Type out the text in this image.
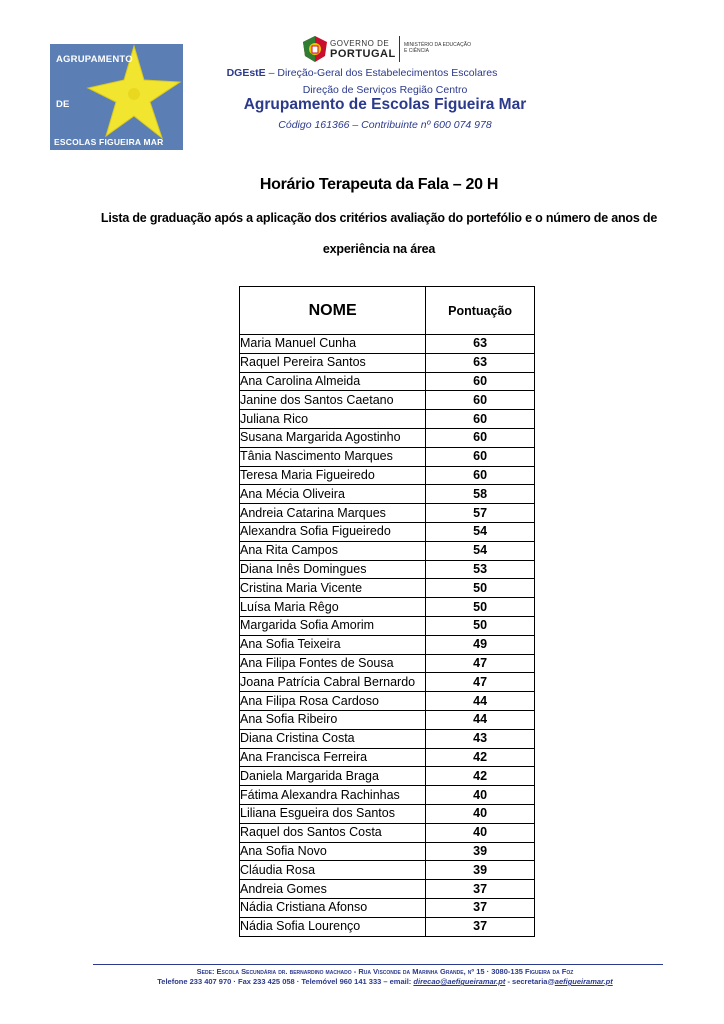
AGRUPAMENTO
DE
ESCOLAS FIGUEIRA MAR
GOVERNO DE
PORTUGAL
MINISTÉRIO DA EDUCAÇÃO E CIÊNCIA
DGEstE – Direção-Geral dos Estabelecimentos Escolares
Direção de Serviços Região Centro
Agrupamento de Escolas Figueira Mar
Código 161366 – Contribuinte nº 600 074 978
Horário Terapeuta da Fala – 20 H
Lista de graduação após a aplicação dos critérios avaliação do portefólio e o número de anos de experiência na área
NOME	Pontuação
Maria Manuel Cunha	63
Raquel Pereira Santos	63
Ana Carolina Almeida	60
Janine dos Santos Caetano	60
Juliana Rico	60
Susana Margarida Agostinho	60
Tânia Nascimento Marques	60
Teresa Maria Figueiredo	60
Ana Mécia Oliveira	58
Andreia Catarina Marques	57
Alexandra Sofia Figueiredo	54
Ana Rita Campos	54
Diana Inês Domingues	53
Cristina Maria Vicente	50
Luísa Maria Rêgo	50
Margarida Sofia Amorim	50
Ana Sofia Teixeira	49
Ana Filipa Fontes de Sousa	47
Joana Patrícia Cabral Bernardo	47
Ana Filipa Rosa Cardoso	44
Ana Sofia Ribeiro	44
Diana Cristina Costa	43
Ana Francisca Ferreira	42
Daniela Margarida Braga	42
Fátima Alexandra Rachinhas	40
Liliana Esgueira dos Santos	40
Raquel dos Santos Costa	40
Ana Sofia Novo	39
Cláudia Rosa	39
Andreia Gomes	37
Nádia Cristiana Afonso	37
Nádia Sofia Lourenço	37
Sede: Escola Secundária dr. bernardino machado - Rua Visconde da Marinha Grande, nº 15 · 3080-135 Figueira da Foz
Telefone 233 407 970 · Fax 233 425 058 · Telemóvel 960 141 333 – email: direcao@aefigueiramar.pt - secretaria@aefigueiramar.pt
